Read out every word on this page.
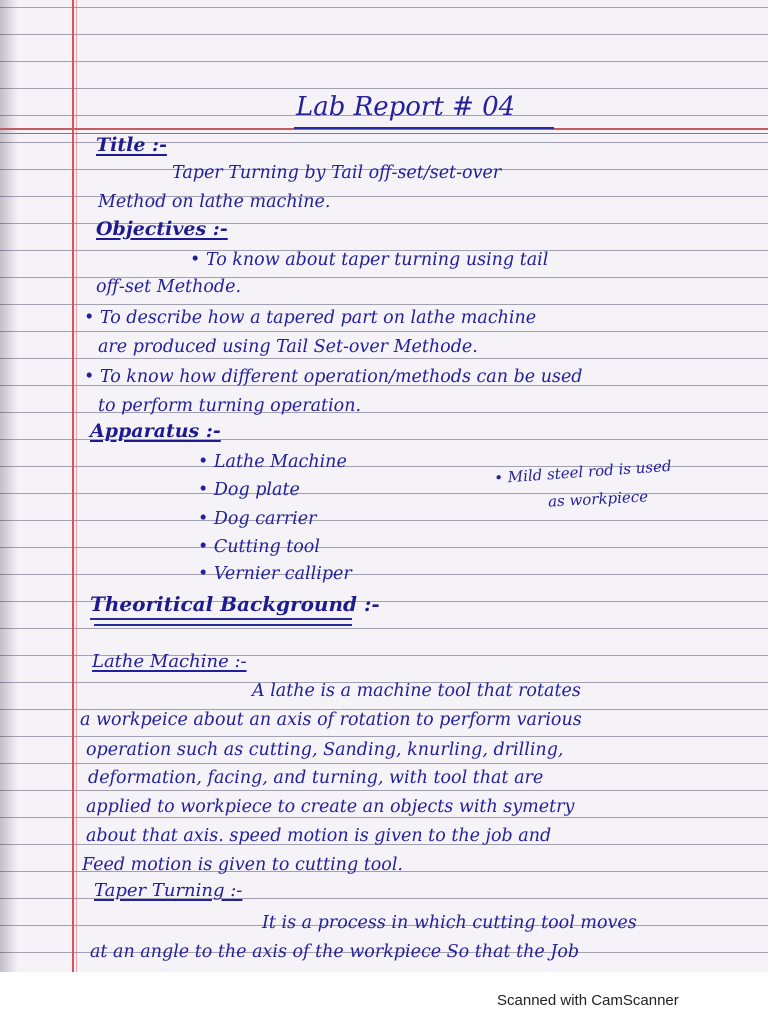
Lab Report # 04
Title :-
Taper Turning by Tail off-set/set-over
Method on lathe machine.
Objectives :-
• To know about taper turning using tail
off-set Methode.
• To describe how a tapered part on lathe machine
are produced using Tail Set-over Methode.
• To know how different operation/methods can be used
to perform turning operation.
Apparatus :-
• Lathe Machine
• Dog plate
• Dog carrier
• Cutting tool
• Vernier calliper
• Mild steel rod is used
as workpiece
Theoritical Background :-
Lathe Machine :-
A lathe is a machine tool that rotates
a workpeice about an axis of rotation to perform various
operation such as cutting, Sanding, knurling, drilling,
deformation, facing, and turning, with tool that are
applied to workpiece to create an objects with symetry
about that axis. speed motion is given to the job and
Feed motion is given to cutting tool.
Taper Turning :-
It is a process in which cutting tool moves
at an angle to the axis of the workpiece So that the Job
Scanned with CamScanner
